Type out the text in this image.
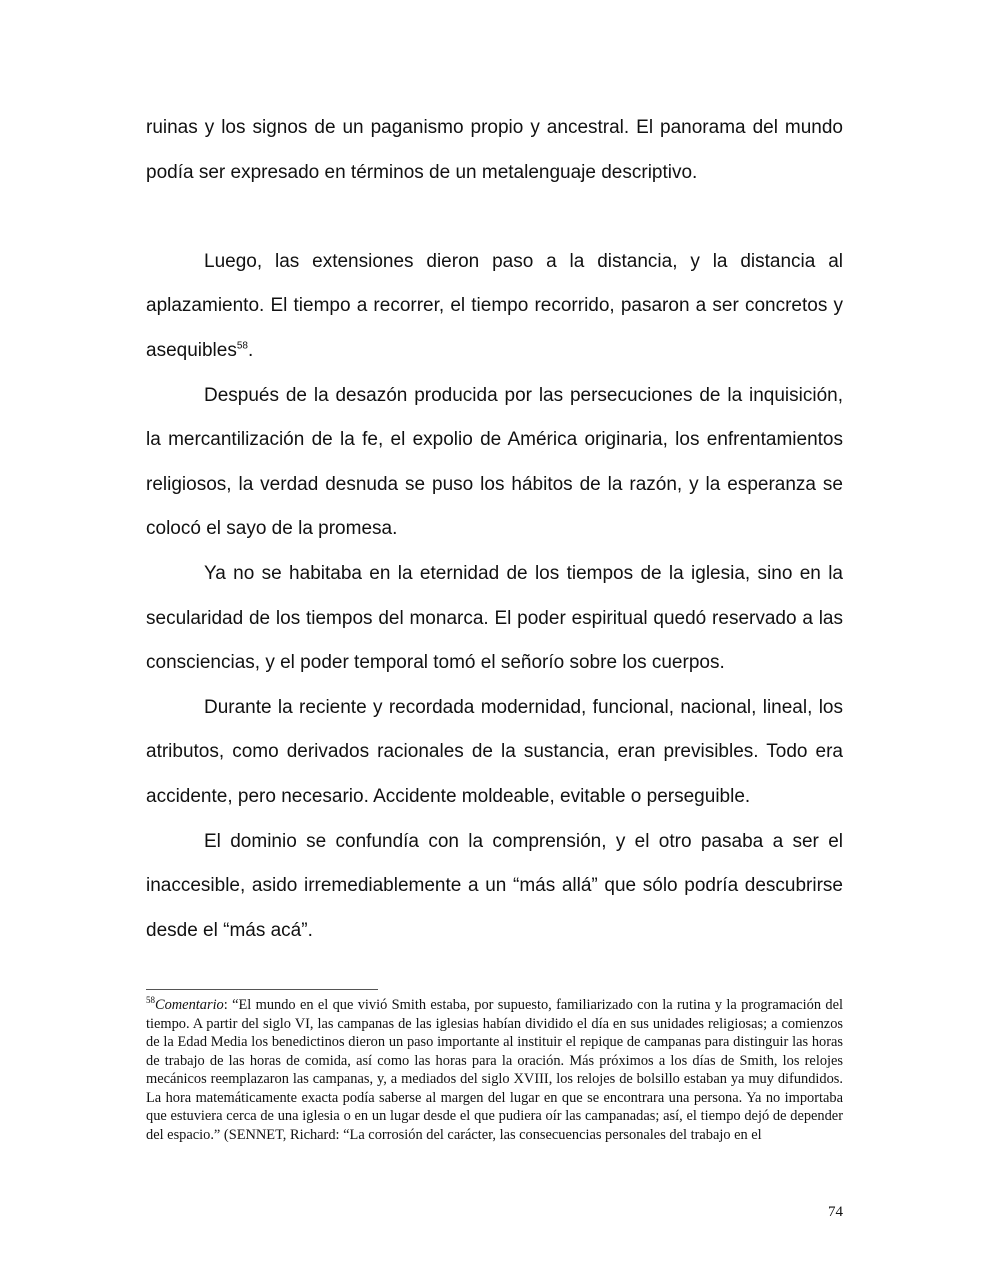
ruinas y los signos de un paganismo propio y ancestral. El panorama del mundo podía ser expresado en términos de un metalenguaje descriptivo.

Luego, las extensiones dieron paso a la distancia, y la distancia al aplazamiento. El tiempo a recorrer, el tiempo recorrido, pasaron a ser concretos y asequibles$^{58}$.

Después de la desazón producida por las persecuciones de la inquisición, la mercantilización de la fe, el expolio de América originaria, los enfrentamientos religiosos, la verdad desnuda se puso los hábitos de la razón, y la esperanza se colocó el sayo de la promesa.

Ya no se habitaba en la eternidad de los tiempos de la iglesia, sino en la secularidad de los tiempos del monarca. El poder espiritual quedó reservado a las consciencias, y el poder temporal tomó el señorío sobre los cuerpos.

Durante la reciente y recordada modernidad, funcional, nacional, lineal, los atributos, como derivados racionales de la sustancia, eran previsibles. Todo era accidente, pero necesario. Accidente moldeable, evitable o perseguible.

El dominio se confundía con la comprensión, y el otro pasaba a ser el inaccesible, asido irremediablemente a un “más allá” que sólo podría descubrirse desde el “más acá”.

$^{58}$Comentario: “El mundo en el que vivió Smith estaba, por supuesto, familiarizado con la rutina y la programación del tiempo. A partir del siglo VI, las campanas de las iglesias habían dividido el día en sus unidades religiosas; a comienzos de la Edad Media los benedictinos dieron un paso importante al instituir el repique de campanas para distinguir las horas de trabajo de las horas de comida, así como las horas para la oración. Más próximos a los días de Smith, los relojes mecánicos reemplazaron las campanas, y, a mediados del siglo XVIII, los relojes de bolsillo estaban ya muy difundidos. La hora matemáticamente exacta podía saberse al margen del lugar en que se encontrara una persona. Ya no importaba que estuviera cerca de una iglesia o en un lugar desde el que pudiera oír las campanadas; así, el tiempo dejó de depender del espacio.” (SENNET, Richard: “La corrosión del carácter, las consecuencias personales del trabajo en el

74
